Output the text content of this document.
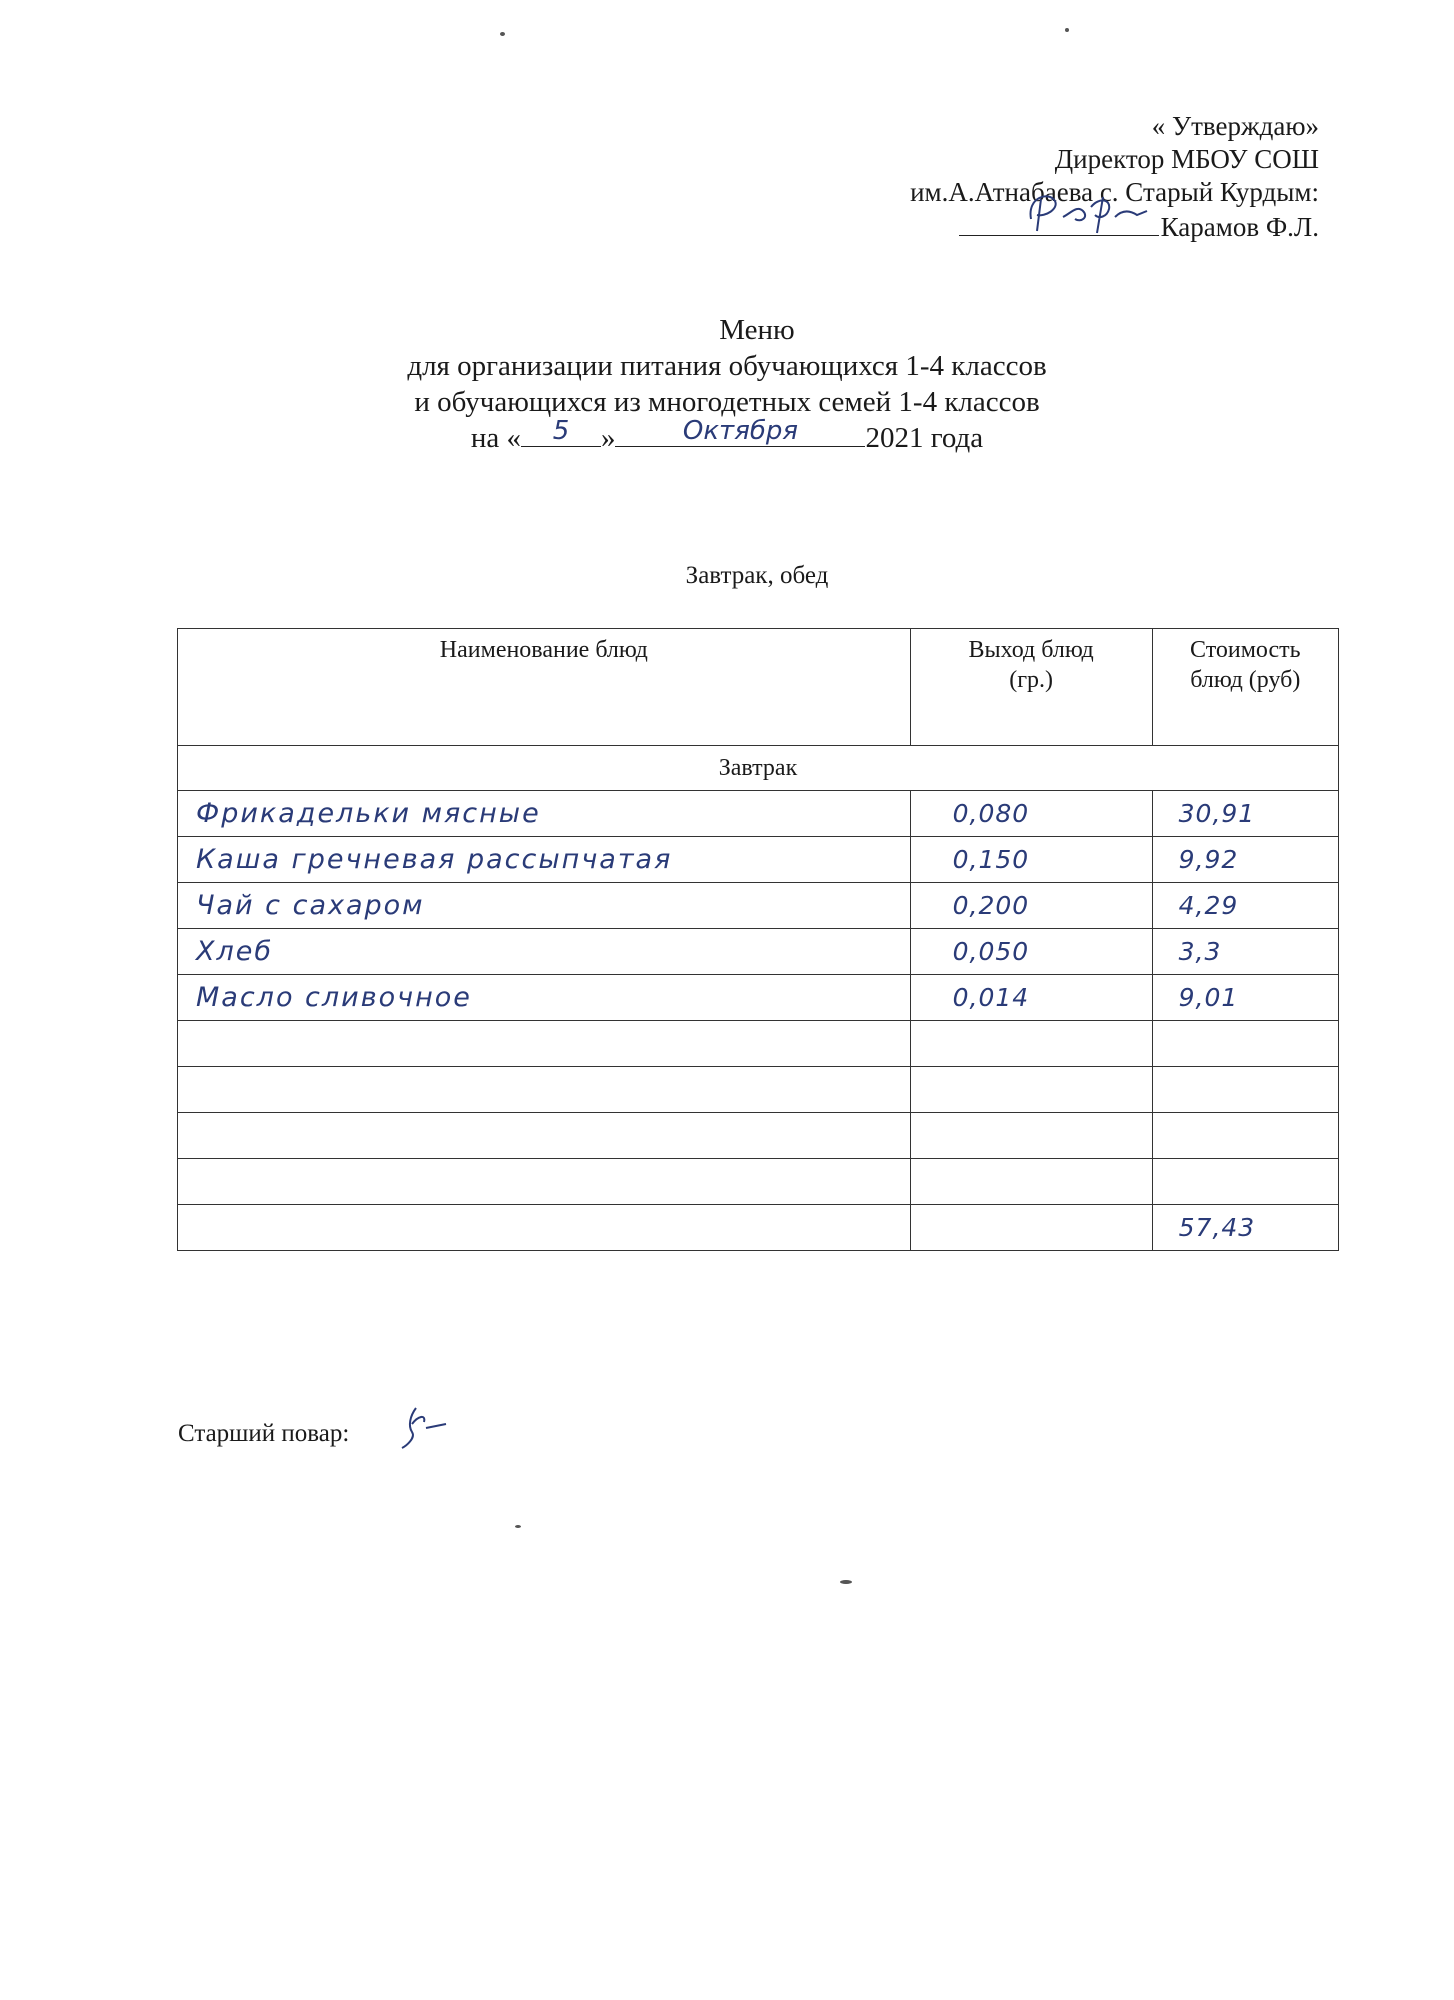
« Утверждаю»
Директор МБОУ СОШ
им.А.Атнабаева с. Старый Курдым:
Карамов Ф.Л.
Меню
для организации питания обучающихся 1-4 классов
и обучающихся из многодетных семей 1-4 классов
на «	5	»	Октября	2021 года
Завтрак, обед
Наименование блюд	Выход блюд (гр.)	Стоимость блюд (руб)

Завтрак		
Фрикадельки мясные	0,080	30,91
Каша гречневая рассыпчатая	0,150	9,92
Чай с сахаром	0,200	4,29
Хлеб	0,050	3,3
Масло сливочное	0,014	9,01

		57,43
Старший повар:
